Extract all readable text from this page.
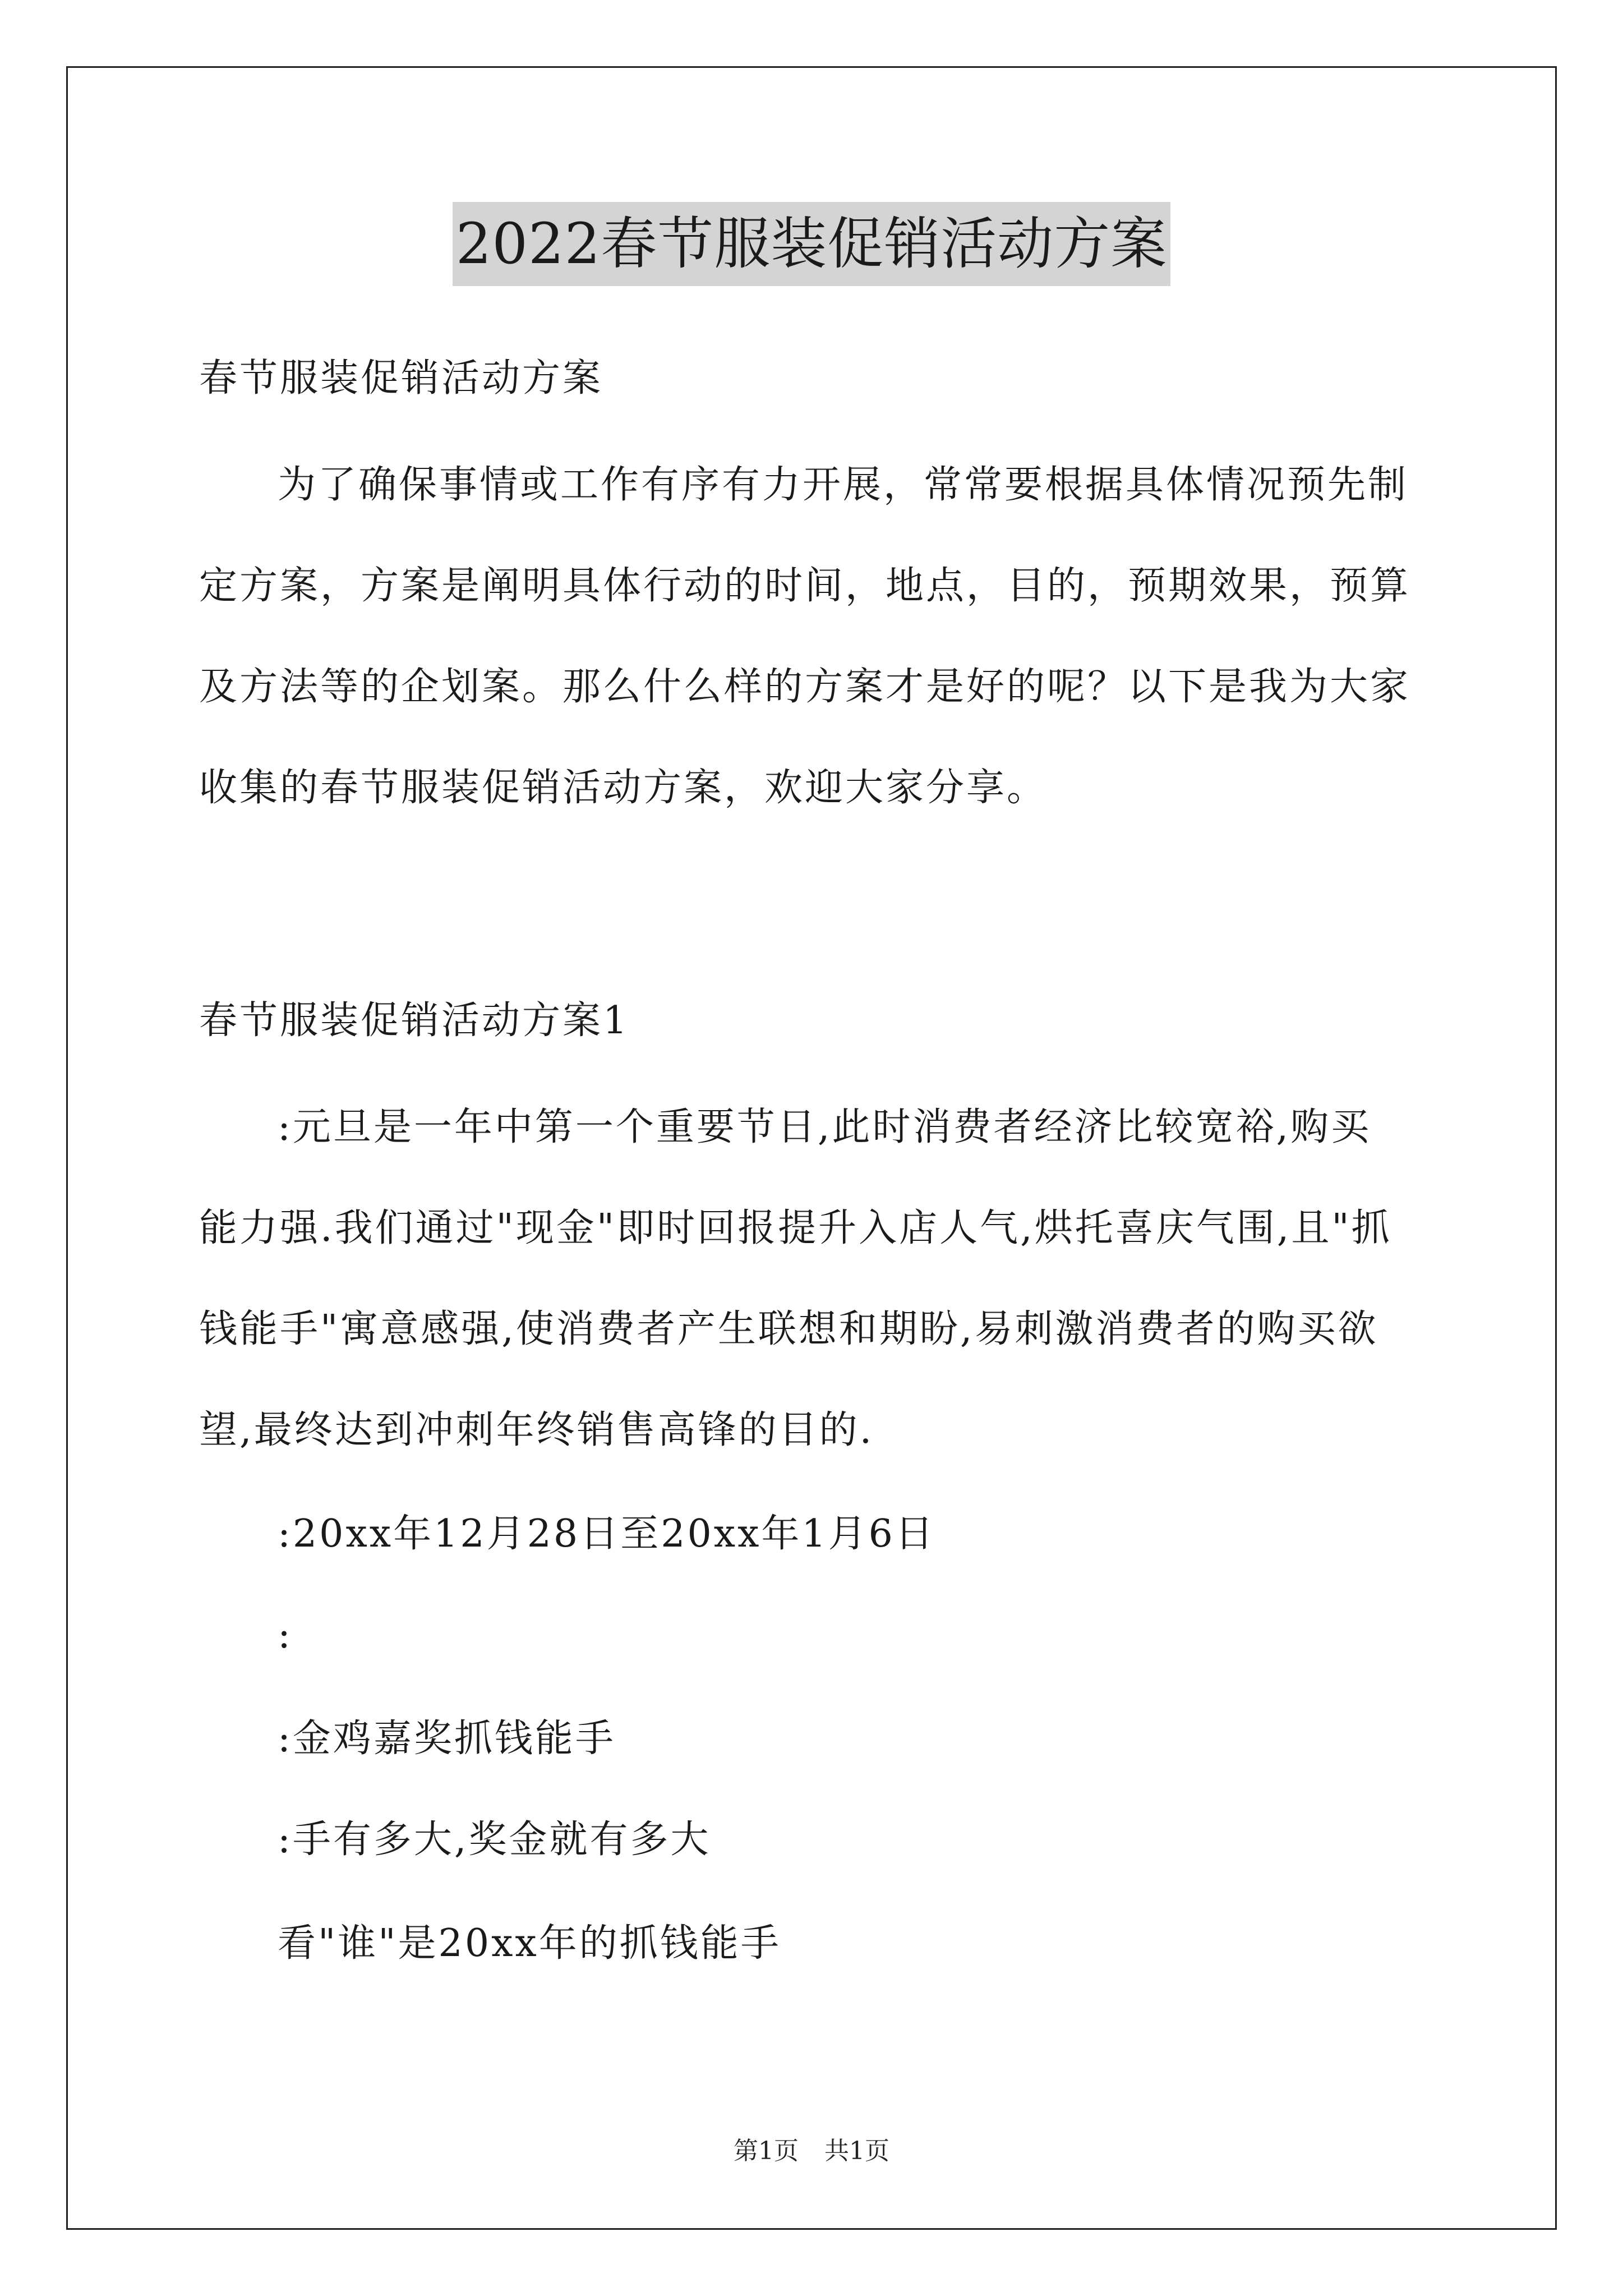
2022春节服装促销活动方案
春节服装促销活动方案
为了确保事情或工作有序有力开展，常常要根据具体情况预先制
定方案，方案是阐明具体行动的时间，地点，目的，预期效果，预算
及方法等的企划案。那么什么样的方案才是好的呢？以下是我为大家
收集的春节服装促销活动方案，欢迎大家分享。
春节服装促销活动方案1
:元旦是一年中第一个重要节日,此时消费者经济比较宽裕,购买
能力强.我们通过"现金"即时回报提升入店人气,烘托喜庆气围,且"抓
钱能手"寓意感强,使消费者产生联想和期盼,易刺激消费者的购买欲
望,最终达到冲刺年终销售高锋的目的.
:20xx年12月28日至20xx年1月6日
:
:金鸡嘉奖抓钱能手
:手有多大,奖金就有多大
看"谁"是20xx年的抓钱能手
第1页 共1页
